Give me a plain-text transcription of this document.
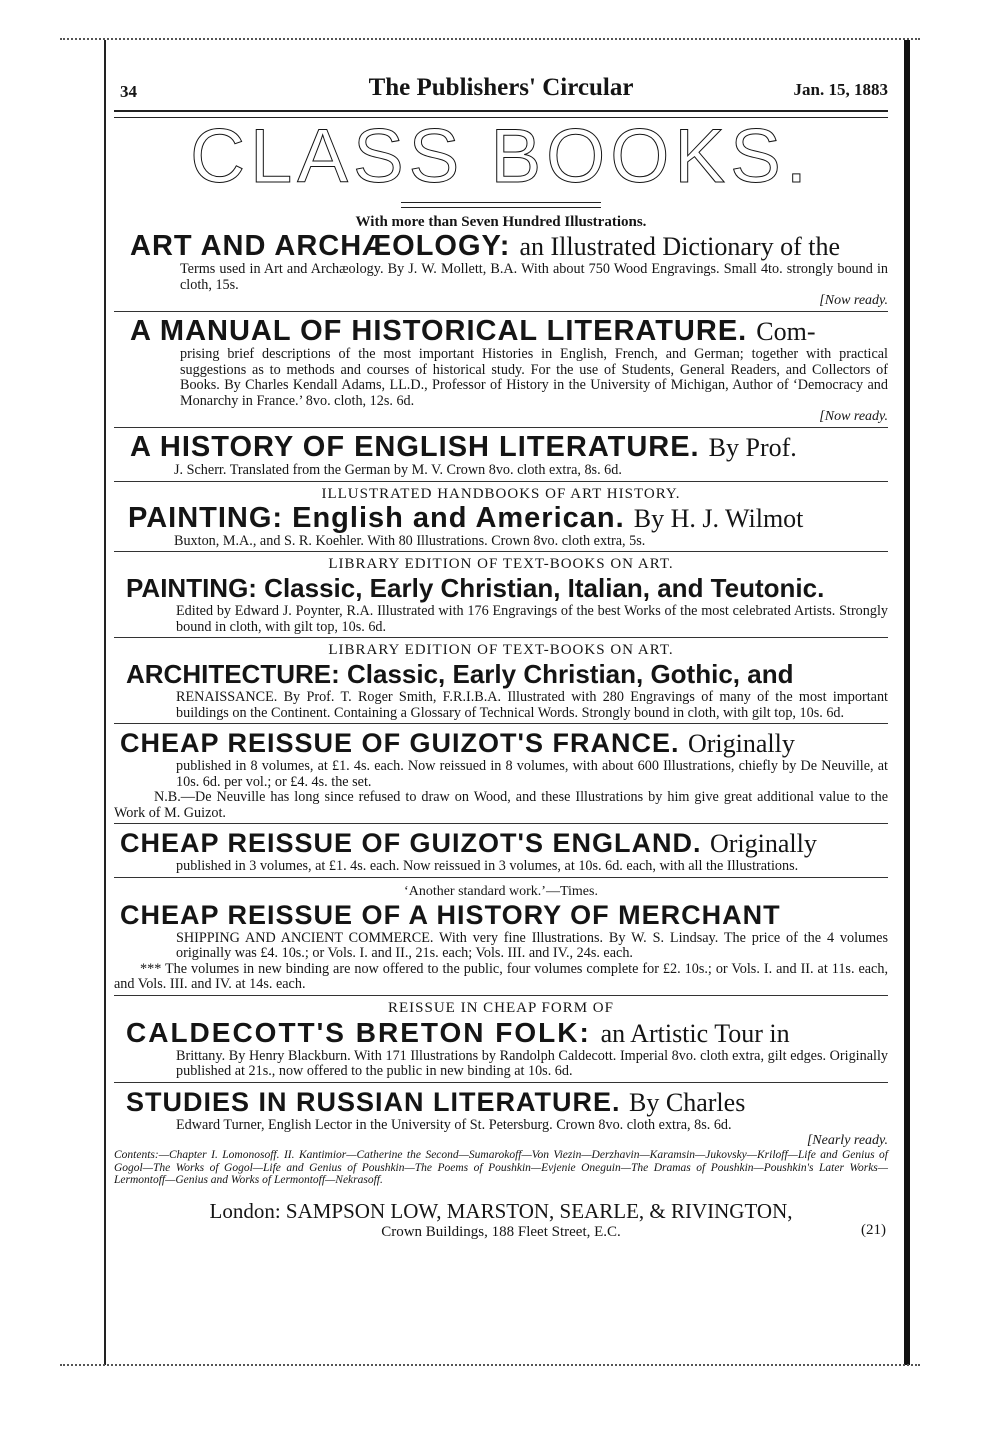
34	The Publishers' Circular	Jan. 15, 1883
CLASS BOOKS.
With more than Seven Hundred Illustrations.
ART AND ARCHÆOLOGY: an Illustrated Dictionary of the
Terms used in Art and Archæology. By J. W. Mollett, B.A. With about 750 Wood Engravings. Small 4to. strongly bound in cloth, 15s.
[Now ready.
A MANUAL OF HISTORICAL LITERATURE. Com-
prising brief descriptions of the most important Histories in English, French, and German; together with practical suggestions as to methods and courses of historical study. For the use of Students, General Readers, and Collectors of Books. By Charles Kendall Adams, LL.D., Professor of History in the University of Michigan, Author of ‘Democracy and Monarchy in France.’ 8vo. cloth, 12s. 6d.
[Now ready.
A HISTORY OF ENGLISH LITERATURE. By Prof.
J. Scherr. Translated from the German by M. V. Crown 8vo. cloth extra, 8s. 6d.
ILLUSTRATED HANDBOOKS OF ART HISTORY.
PAINTING: English and American. By H. J. Wilmot
Buxton, M.A., and S. R. Koehler. With 80 Illustrations. Crown 8vo. cloth extra, 5s.
LIBRARY EDITION OF TEXT-BOOKS ON ART.
PAINTING: Classic, Early Christian, Italian, and Teutonic.
Edited by Edward J. Poynter, R.A. Illustrated with 176 Engravings of the best Works of the most celebrated Artists. Strongly bound in cloth, with gilt top, 10s. 6d.
LIBRARY EDITION OF TEXT-BOOKS ON ART.
ARCHITECTURE: Classic, Early Christian, Gothic, and
RENAISSANCE. By Prof. T. Roger Smith, F.R.I.B.A. Illustrated with 280 Engravings of many of the most important buildings on the Continent. Containing a Glossary of Technical Words. Strongly bound in cloth, with gilt top, 10s. 6d.
CHEAP REISSUE OF GUIZOT'S FRANCE. Originally
published in 8 volumes, at £1. 4s. each. Now reissued in 8 volumes, with about 600 Illustrations, chiefly by De Neuville, at 10s. 6d. per vol.; or £4. 4s. the set.
N.B.—De Neuville has long since refused to draw on Wood, and these Illustrations by him give great additional value to the Work of M. Guizot.
CHEAP REISSUE OF GUIZOT'S ENGLAND. Originally
published in 3 volumes, at £1. 4s. each. Now reissued in 3 volumes, at 10s. 6d. each, with all the Illustrations.
‘Another standard work.’—Times.
CHEAP REISSUE OF A HISTORY OF MERCHANT
SHIPPING AND ANCIENT COMMERCE. With very fine Illustrations. By W. S. Lindsay. The price of the 4 volumes originally was £4. 10s.; or Vols. I. and II., 21s. each; Vols. III. and IV., 24s. each.
*** The volumes in new binding are now offered to the public, four volumes complete for £2. 10s.; or Vols. I. and II. at 11s. each, and Vols. III. and IV. at 14s. each.
REISSUE IN CHEAP FORM OF
CALDECOTT'S BRETON FOLK: an Artistic Tour in
Brittany. By Henry Blackburn. With 171 Illustrations by Randolph Caldecott. Imperial 8vo. cloth extra, gilt edges. Originally published at 21s., now offered to the public in new binding at 10s. 6d.
STUDIES IN RUSSIAN LITERATURE. By Charles
Edward Turner, English Lector in the University of St. Petersburg. Crown 8vo. cloth extra, 8s. 6d.
[Nearly ready.
Contents:—Chapter I. Lomonosoff. II. Kantimior—Catherine the Second—Sumarokoff—Von Viezin—Derzhavin—Karamsin—Jukovsky—Kriloff—Life and Genius of Gogol—The Works of Gogol—Life and Genius of Poushkin—The Poems of Poushkin—Evjenie Oneguin—The Dramas of Poushkin—Poushkin's Later Works—Lermontoff—Genius and Works of Lermontoff—Nekrasoff.
London: SAMPSON LOW, MARSTON, SEARLE, & RIVINGTON,
Crown Buildings, 188 Fleet Street, E.C.	(21)
